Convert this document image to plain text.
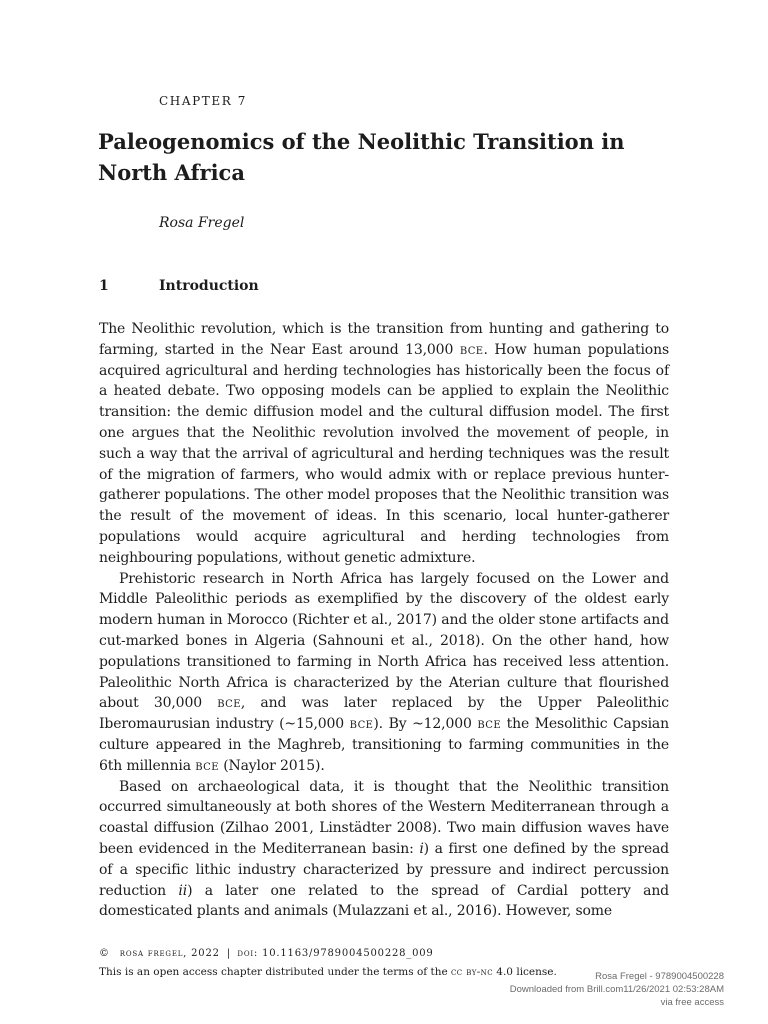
CHAPTER 7
Paleogenomics of the Neolithic Transition in North Africa
Rosa Fregel
1	Introduction

The Neolithic revolution, which is the transition from hunting and gathering to farming, started in the Near East around 13,000 bce. How human populations acquired agricultural and herding technologies has historically been the focus of a heated debate. Two opposing models can be applied to explain the Neolithic transition: the demic diffusion model and the cultural diffusion model. The first one argues that the Neolithic revolution involved the movement of people, in such a way that the arrival of agricultural and herding techniques was the result of the migration of farmers, who would admix with or replace previous hunter-gatherer populations. The other model proposes that the Neolithic transition was the result of the movement of ideas. In this scenario, local hunter-gatherer populations would acquire agricultural and herding technologies from neighbouring populations, without genetic admixture.

Prehistoric research in North Africa has largely focused on the Lower and Middle Paleolithic periods as exemplified by the discovery of the oldest early modern human in Morocco (Richter et al., 2017) and the older stone artifacts and cut-marked bones in Algeria (Sahnouni et al., 2018). On the other hand, how populations transitioned to farming in North Africa has received less attention. Paleolithic North Africa is characterized by the Aterian culture that flourished about 30,000 bce, and was later replaced by the Upper Paleolithic Iberomaurusian industry (~15,000 bce). By ~12,000 bce the Mesolithic Capsian culture appeared in the Maghreb, transitioning to farming communities in the 6th millennia bce (Naylor 2015).

Based on archaeological data, it is thought that the Neolithic transition occurred simultaneously at both shores of the Western Mediterranean through a coastal diffusion (Zilhao 2001, Linstädter 2008). Two main diffusion waves have been evidenced in the Mediterranean basin: i) a first one defined by the spread of a specific lithic industry characterized by pressure and indirect percussion reduction ii) a later one related to the spread of Cardial pottery and domesticated plants and animals (Mulazzani et al., 2016). However, some

© rosa fregel, 2022 | doi: 10.1163/9789004500228_009
This is an open access chapter distributed under the terms of the cc by-nc 4.0 license.	Rosa Fregel - 9789004500228
Downloaded from Brill.com11/26/2021 02:53:28AM
via free access
